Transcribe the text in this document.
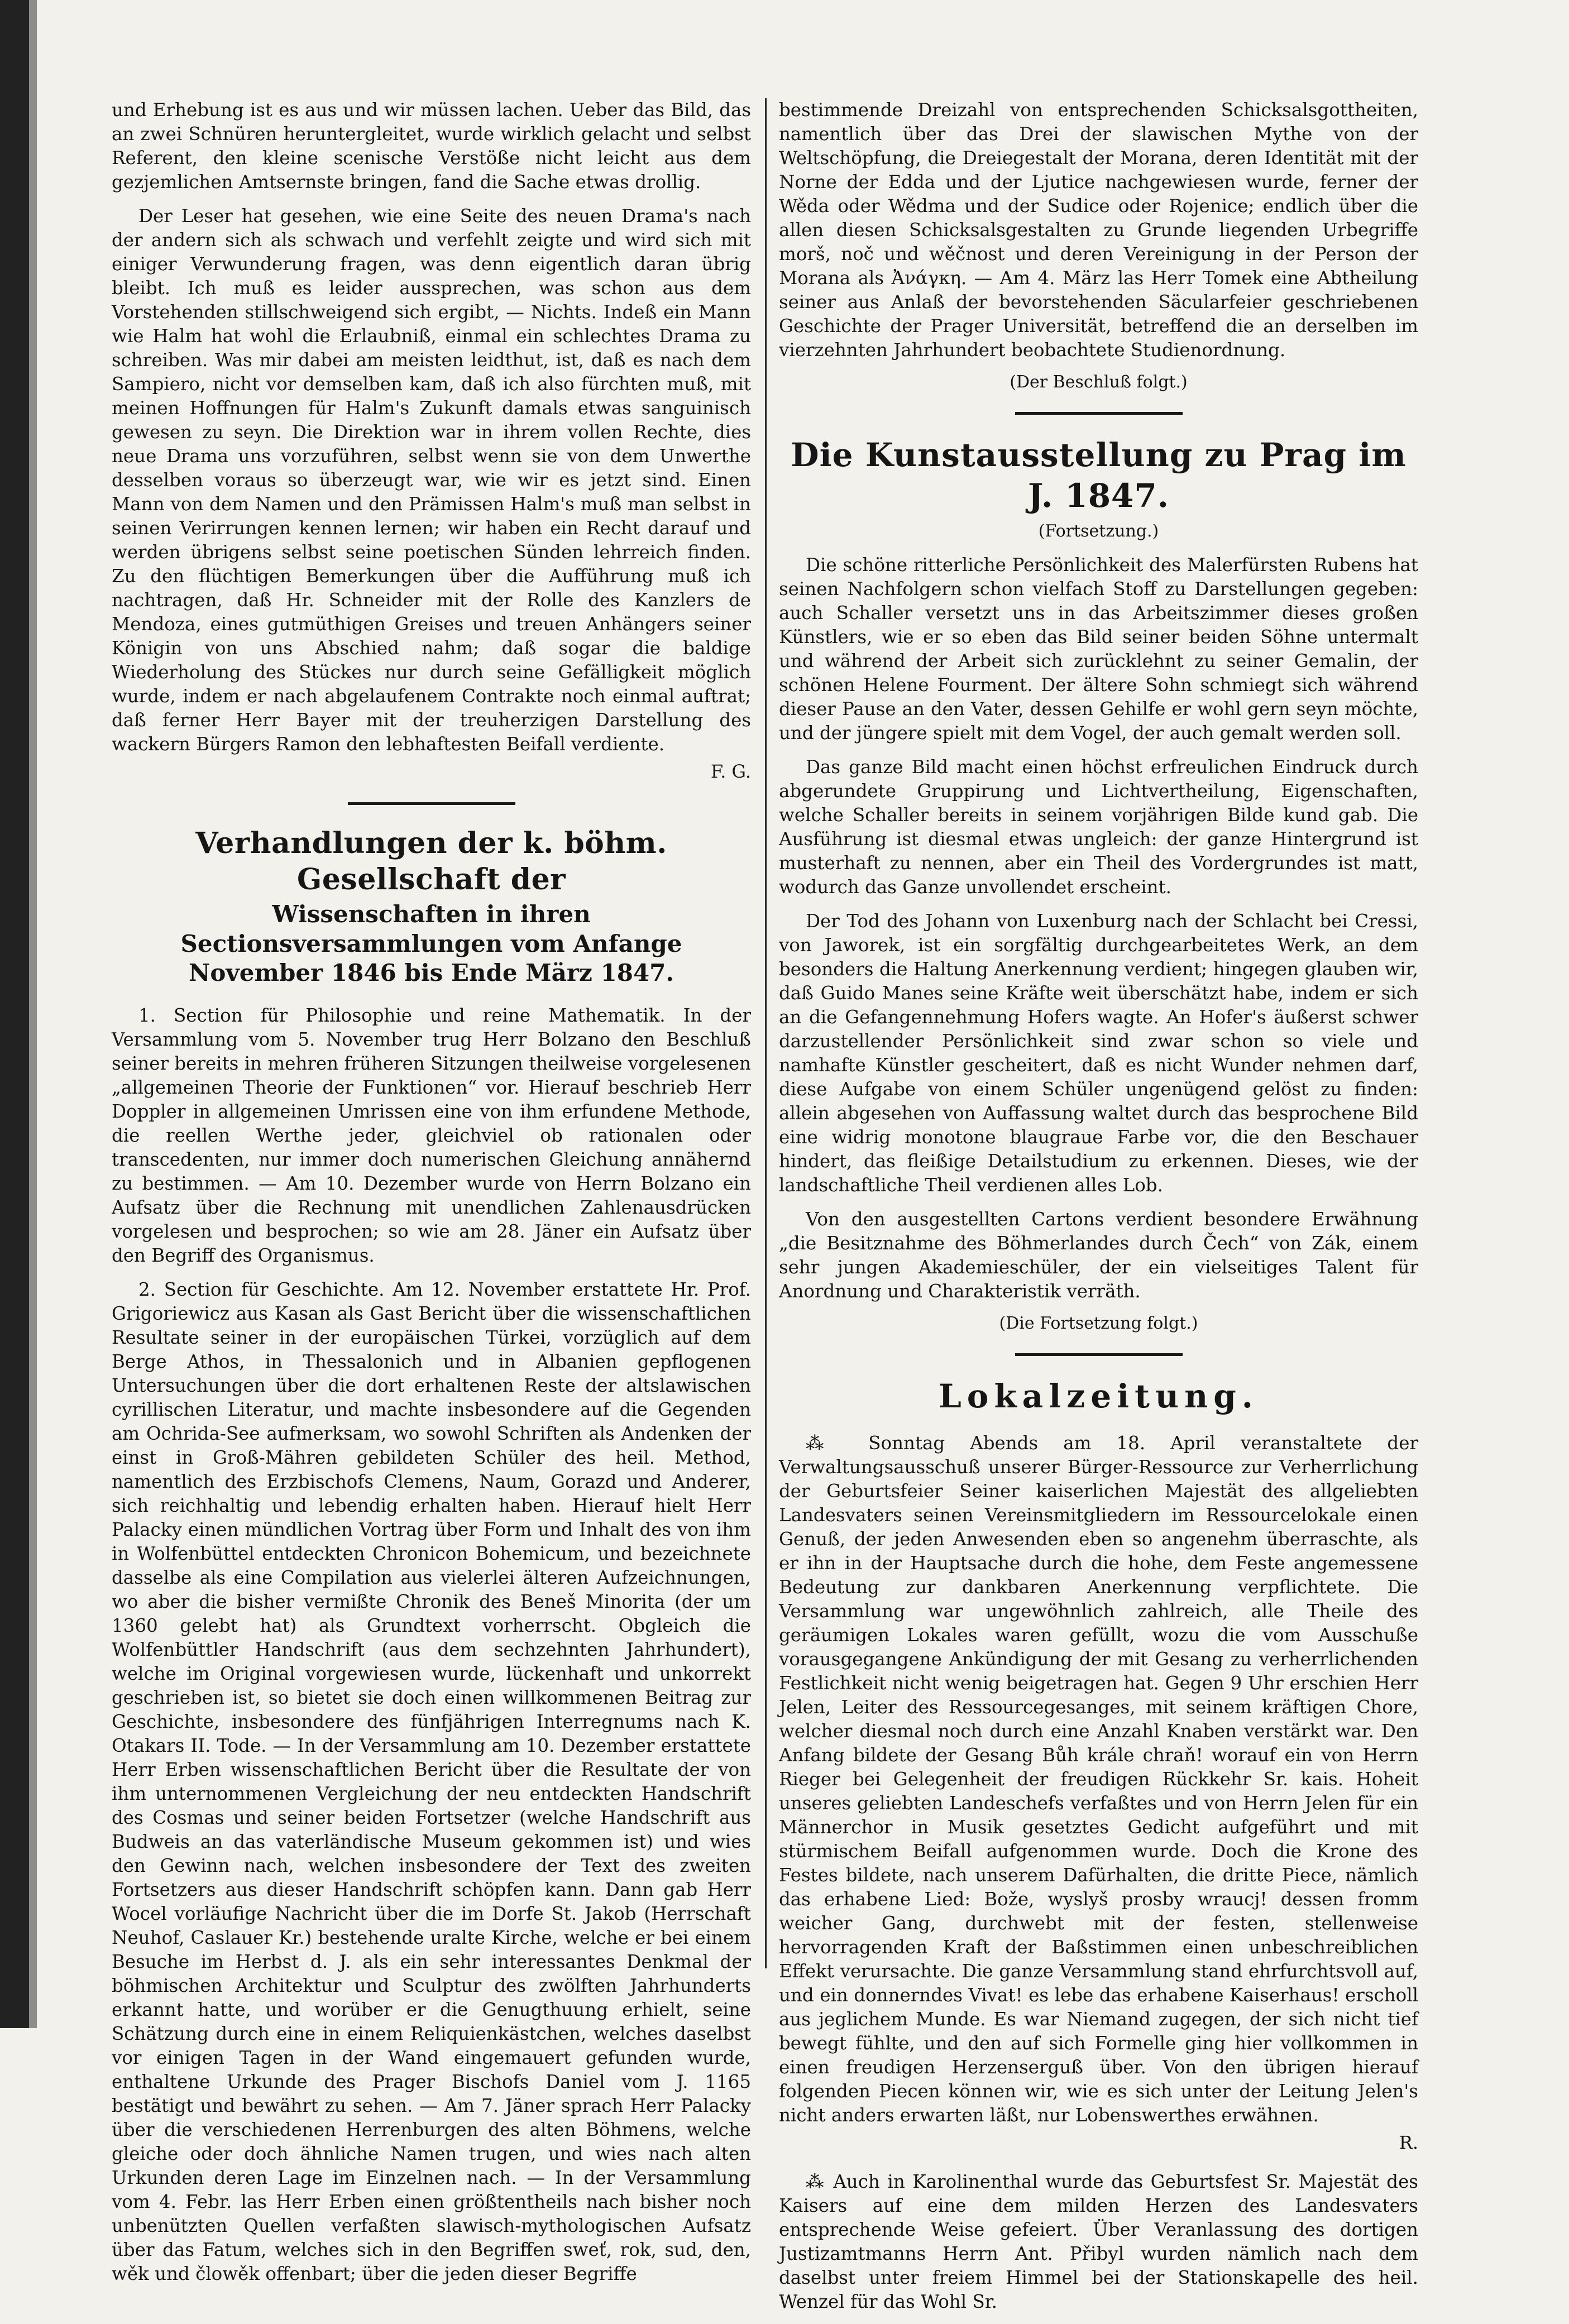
und Erhebung ist es aus und wir müssen lachen. Ueber das Bild, das an zwei Schnüren heruntergleitet, wurde wirklich gelacht und selbst Referent, den kleine scenische Verstöße nicht leicht aus dem gezjemlichen Amtsernste bringen, fand die Sache etwas drollig.

Der Leser hat gesehen, wie eine Seite des neuen Drama's nach der andern sich als schwach und verfehlt zeigte und wird sich mit einiger Verwunderung fragen, was denn eigentlich daran übrig bleibt. Ich muß es leider aussprechen, was schon aus dem Vorstehenden stillschweigend sich ergibt, — Nichts. Indeß ein Mann wie Halm hat wohl die Erlaubniß, einmal ein schlechtes Drama zu schreiben. Was mir dabei am meisten leidthut, ist, daß es nach dem Sampiero, nicht vor demselben kam, daß ich also fürchten muß, mit meinen Hoffnungen für Halm's Zukunft damals etwas sanguinisch gewesen zu seyn. Die Direktion war in ihrem vollen Rechte, dies neue Drama uns vorzuführen, selbst wenn sie von dem Unwerthe desselben voraus so überzeugt war, wie wir es jetzt sind. Einen Mann von dem Namen und den Prämissen Halm's muß man selbst in seinen Verirrungen kennen lernen; wir haben ein Recht darauf und werden übrigens selbst seine poetischen Sünden lehrreich finden. Zu den flüchtigen Bemerkungen über die Aufführung muß ich nachtragen, daß Hr. Schneider mit der Rolle des Kanzlers de Mendoza, eines gutmüthigen Greises und treuen Anhängers seiner Königin von uns Abschied nahm; daß sogar die baldige Wiederholung des Stückes nur durch seine Gefälligkeit möglich wurde, indem er nach abgelaufenem Contrakte noch einmal auftrat; daß ferner Herr Bayer mit der treuherzigen Darstellung des wackern Bürgers Ramon den lebhaftesten Beifall verdiente.

F. G.
Verhandlungen der k. böhm. Gesellschaft der
Wissenschaften in ihren Sectionsversammlungen vom Anfange November 1846 bis Ende März 1847.

1. Section für Philosophie und reine Mathematik. In der Versammlung vom 5. November trug Herr Bolzano den Beschluß seiner bereits in mehren früheren Sitzungen theilweise vorgelesenen „allgemeinen Theorie der Funktionen“ vor. Hierauf beschrieb Herr Doppler in allgemeinen Umrissen eine von ihm erfundene Methode, die reellen Werthe jeder, gleichviel ob rationalen oder transcedenten, nur immer doch numerischen Gleichung annähernd zu bestimmen. — Am 10. Dezember wurde von Herrn Bolzano ein Aufsatz über die Rechnung mit unendlichen Zahlenausdrücken vorgelesen und besprochen; so wie am 28. Jäner ein Aufsatz über den Begriff des Organismus.

2. Section für Geschichte. Am 12. November erstattete Hr. Prof. Grigoriewicz aus Kasan als Gast Bericht über die wissenschaftlichen Resultate seiner in der europäischen Türkei, vorzüglich auf dem Berge Athos, in Thessalonich und in Albanien gepflogenen Untersuchungen über die dort erhaltenen Reste der altslawischen cyrillischen Literatur, und machte insbesondere auf die Gegenden am Ochrida-See aufmerksam, wo sowohl Schriften als Andenken der einst in Groß-Mähren gebildeten Schüler des heil. Method, namentlich des Erzbischofs Clemens, Naum, Gorazd und Anderer, sich reichhaltig und lebendig erhalten haben. Hierauf hielt Herr Palacky einen mündlichen Vortrag über Form und Inhalt des von ihm in Wolfenbüttel entdeckten Chronicon Bohemicum, und bezeichnete dasselbe als eine Compilation aus vielerlei älteren Aufzeichnungen, wo aber die bisher vermißte Chronik des Beneš Minorita (der um 1360 gelebt hat) als Grundtext vorherrscht. Obgleich die Wolfenbüttler Handschrift (aus dem sechzehnten Jahrhundert), welche im Original vorgewiesen wurde, lückenhaft und unkorrekt geschrieben ist, so bietet sie doch einen willkommenen Beitrag zur Geschichte, insbesondere des fünfjährigen Interregnums nach K. Otakars II. Tode. — In der Versammlung am 10. Dezember erstattete Herr Erben wissenschaftlichen Bericht über die Resultate der von ihm unternommenen Vergleichung der neu entdeckten Handschrift des Cosmas und seiner beiden Fortsetzer (welche Handschrift aus Budweis an das vaterländische Museum gekommen ist) und wies den Gewinn nach, welchen insbesondere der Text des zweiten Fortsetzers aus dieser Handschrift schöpfen kann. Dann gab Herr Wocel vorläufige Nachricht über die im Dorfe St. Jakob (Herrschaft Neuhof, Caslauer Kr.) bestehende uralte Kirche, welche er bei einem Besuche im Herbst d. J. als ein sehr interessantes Denkmal der böhmischen Architektur und Sculptur des zwölften Jahrhunderts erkannt hatte, und worüber er die Genugthuung erhielt, seine Schätzung durch eine in einem Reliquienkästchen, welches daselbst vor einigen Tagen in der Wand eingemauert gefunden wurde, enthaltene Urkunde des Prager Bischofs Daniel vom J. 1165 bestätigt und bewährt zu sehen. — Am 7. Jäner sprach Herr Palacky über die verschiedenen Herrenburgen des alten Böhmens, welche gleiche oder doch ähnliche Namen trugen, und wies nach alten Urkunden deren Lage im Einzelnen nach. — In der Versammlung vom 4. Febr. las Herr Erben einen größtentheils nach bisher noch unbenützten Quellen verfaßten slawisch-mythologischen Aufsatz über das Fatum, welches sich in den Begriffen sweť, rok, sud, den, wěk und člowěk offenbart; über die jeden dieser Begriffe

bestimmende Dreizahl von entsprechenden Schicksalsgottheiten, namentlich über das Drei der slawischen Mythe von der Weltschöpfung, die Dreiegestalt der Morana, deren Identität mit der Norne der Edda und der Ljutice nachgewiesen wurde, ferner der Wěda oder Wědma und der Sudice oder Rojenice; endlich über die allen diesen Schicksalsgestalten zu Grunde liegenden Urbegriffe morš, noč und wěčnost und deren Vereinigung in der Person der Morana als Ἀνάγκη. — Am 4. März las Herr Tomek eine Abtheilung seiner aus Anlaß der bevorstehenden Säcularfeier geschriebenen Geschichte der Prager Universität, betreffend die an derselben im vierzehnten Jahrhundert beobachtete Studienordnung.

(Der Beschluß folgt.)
Die Kunstausstellung zu Prag im J. 1847.
(Fortsetzung.)

Die schöne ritterliche Persönlichkeit des Malerfürsten Rubens hat seinen Nachfolgern schon vielfach Stoff zu Darstellungen gegeben: auch Schaller versetzt uns in das Arbeitszimmer dieses großen Künstlers, wie er so eben das Bild seiner beiden Söhne untermalt und während der Arbeit sich zurücklehnt zu seiner Gemalin, der schönen Helene Fourment. Der ältere Sohn schmiegt sich während dieser Pause an den Vater, dessen Gehilfe er wohl gern seyn möchte, und der jüngere spielt mit dem Vogel, der auch gemalt werden soll.

Das ganze Bild macht einen höchst erfreulichen Eindruck durch abgerundete Gruppirung und Lichtvertheilung, Eigenschaften, welche Schaller bereits in seinem vorjährigen Bilde kund gab. Die Ausführung ist diesmal etwas ungleich: der ganze Hintergrund ist musterhaft zu nennen, aber ein Theil des Vordergrundes ist matt, wodurch das Ganze unvollendet erscheint.

Der Tod des Johann von Luxenburg nach der Schlacht bei Cressi, von Jaworek, ist ein sorgfältig durchgearbeitetes Werk, an dem besonders die Haltung Anerkennung verdient; hingegen glauben wir, daß Guido Manes seine Kräfte weit überschätzt habe, indem er sich an die Gefangennehmung Hofers wagte. An Hofer's äußerst schwer darzustellender Persönlichkeit sind zwar schon so viele und namhafte Künstler gescheitert, daß es nicht Wunder nehmen darf, diese Aufgabe von einem Schüler ungenügend gelöst zu finden: allein abgesehen von Auffassung waltet durch das besprochene Bild eine widrig monotone blaugraue Farbe vor, die den Beschauer hindert, das fleißige Detailstudium zu erkennen. Dieses, wie der landschaftliche Theil verdienen alles Lob.

Von den ausgestellten Cartons verdient besondere Erwähnung „die Besitznahme des Böhmerlandes durch Čech“ von Zák, einem sehr jungen Akademieschüler, der ein vielseitiges Talent für Anordnung und Charakteristik verräth.

(Die Fortsetzung folgt.)
Lokalzeitung.

⁂ Sonntag Abends am 18. April veranstaltete der Verwaltungsausschuß unserer Bürger-Ressource zur Verherrlichung der Geburtsfeier Seiner kaiserlichen Majestät des allgeliebten Landesvaters seinen Vereinsmitgliedern im Ressourcelokale einen Genuß, der jeden Anwesenden eben so angenehm überraschte, als er ihn in der Hauptsache durch die hohe, dem Feste angemessene Bedeutung zur dankbaren Anerkennung verpflichtete. Die Versammlung war ungewöhnlich zahlreich, alle Theile des geräumigen Lokales waren gefüllt, wozu die vom Ausschuße vorausgegangene Ankündigung der mit Gesang zu verherrlichenden Festlichkeit nicht wenig beigetragen hat. Gegen 9 Uhr erschien Herr Jelen, Leiter des Ressourcegesanges, mit seinem kräftigen Chore, welcher diesmal noch durch eine Anzahl Knaben verstärkt war. Den Anfang bildete der Gesang Bůh krále chraň! worauf ein von Herrn Rieger bei Gelegenheit der freudigen Rückkehr Sr. kais. Hoheit unseres geliebten Landeschefs verfaßtes und von Herrn Jelen für ein Männerchor in Musik gesetztes Gedicht aufgeführt und mit stürmischem Beifall aufgenommen wurde. Doch die Krone des Festes bildete, nach unserem Dafürhalten, die dritte Piece, nämlich das erhabene Lied: Bože, wyslyš prosby wraucj! dessen fromm weicher Gang, durchwebt mit der festen, stellenweise hervorragenden Kraft der Baßstimmen einen unbeschreiblichen Effekt verursachte. Die ganze Versammlung stand ehrfurchtsvoll auf, und ein donnerndes Vivat! es lebe das erhabene Kaiserhaus! erscholl aus jeglichem Munde. Es war Niemand zugegen, der sich nicht tief bewegt fühlte, und den auf sich Formelle ging hier vollkommen in einen freudigen Herzenserguß über. Von den übrigen hierauf folgenden Piecen können wir, wie es sich unter der Leitung Jelen's nicht anders erwarten läßt, nur Lobenswerthes erwähnen.

R.

⁂ Auch in Karolinenthal wurde das Geburtsfest Sr. Majestät des Kaisers auf eine dem milden Herzen des Landesvaters entsprechende Weise gefeiert. Über Veranlassung des dortigen Justizamtmanns Herrn Ant. Přibyl wurden nämlich nach dem daselbst unter freiem Himmel bei der Stationskapelle des heil. Wenzel für das Wohl Sr.
